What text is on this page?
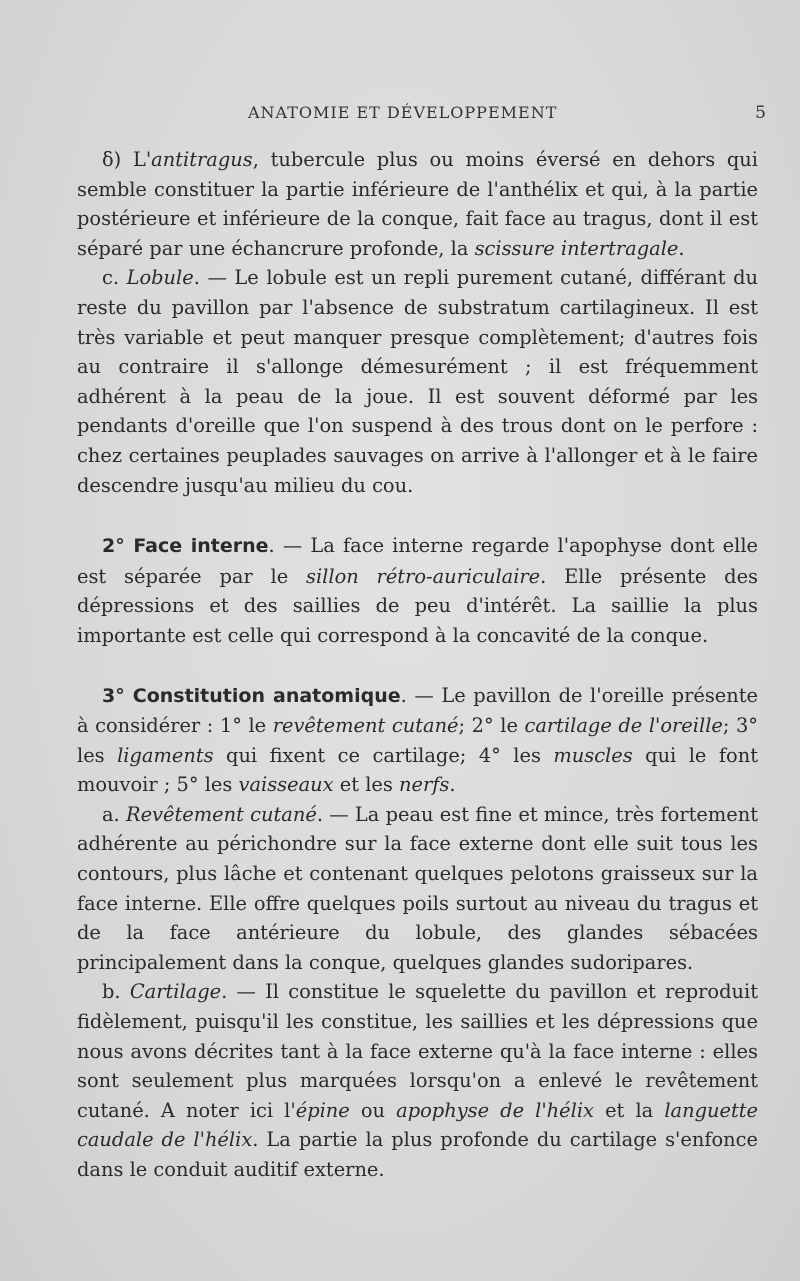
ANATOMIE ET DÉVELOPPEMENT	5

δ) L'antitragus, tubercule plus ou moins éversé en dehors qui semble constituer la partie inférieure de l'anthélix et qui, à la partie postérieure et inférieure de la conque, fait face au tragus, dont il est séparé par une échancrure profonde, la scissure intertragale.

c. Lobule. — Le lobule est un repli purement cutané, différant du reste du pavillon par l'absence de substratum cartilagineux. Il est très variable et peut manquer presque complètement; d'autres fois au contraire il s'allonge démesurément ; il est fréquemment adhérent à la peau de la joue. Il est souvent déformé par les pendants d'oreille que l'on suspend à des trous dont on le perfore : chez certaines peuplades sauvages on arrive à l'allonger et à le faire descendre jusqu'au milieu du cou.

2° Face interne. — La face interne regarde l'apophyse dont elle est séparée par le sillon rétro-auriculaire. Elle présente des dépressions et des saillies de peu d'intérêt. La saillie la plus importante est celle qui correspond à la concavité de la conque.

3° Constitution anatomique. — Le pavillon de l'oreille présente à considérer : 1° le revêtement cutané; 2° le cartilage de l'oreille; 3° les ligaments qui fixent ce cartilage; 4° les muscles qui le font mouvoir ; 5° les vaisseaux et les nerfs.

a. Revêtement cutané. — La peau est fine et mince, très fortement adhérente au périchondre sur la face externe dont elle suit tous les contours, plus lâche et contenant quelques pelotons graisseux sur la face interne. Elle offre quelques poils surtout au niveau du tragus et de la face antérieure du lobule, des glandes sébacées principalement dans la conque, quelques glandes sudoripares.

b. Cartilage. — Il constitue le squelette du pavillon et reproduit fidèlement, puisqu'il les constitue, les saillies et les dépressions que nous avons décrites tant à la face externe qu'à la face interne : elles sont seulement plus marquées lorsqu'on a enlevé le revêtement cutané. A noter ici l'épine ou apophyse de l'hélix et la languette caudale de l'hélix. La partie la plus profonde du cartilage s'enfonce dans le conduit auditif externe.
